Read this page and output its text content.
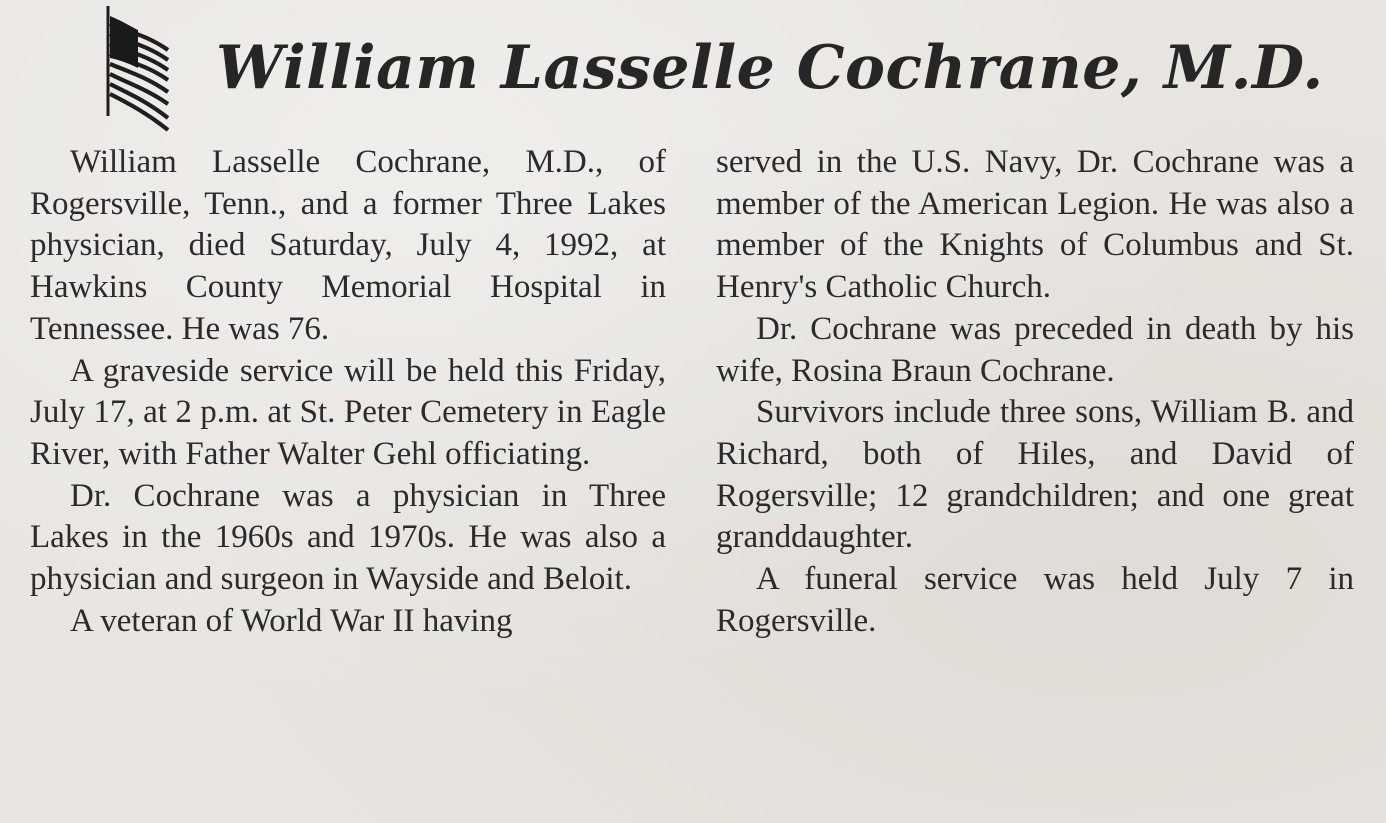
William Lasselle Cochrane, M.D.

William Lasselle Cochrane, M.D., of Rogersville, Tenn., and a former Three Lakes physician, died Saturday, July 4, 1992, at Hawkins County Memorial Hospital in Tennessee. He was 76.

A graveside service will be held this Friday, July 17, at 2 p.m. at St. Peter Cemetery in Eagle River, with Father Walter Gehl officiating.

Dr. Cochrane was a physician in Three Lakes in the 1960s and 1970s. He was also a physician and surgeon in Wayside and Beloit.

A veteran of World War II having

served in the U.S. Navy, Dr. Cochrane was a member of the American Legion. He was also a member of the Knights of Columbus and St. Henry's Catholic Church.

Dr. Cochrane was preceded in death by his wife, Rosina Braun Cochrane.

Survivors include three sons, William B. and Richard, both of Hiles, and David of Rogersville; 12 grandchildren; and one great granddaughter.

A funeral service was held July 7 in Rogersville.
